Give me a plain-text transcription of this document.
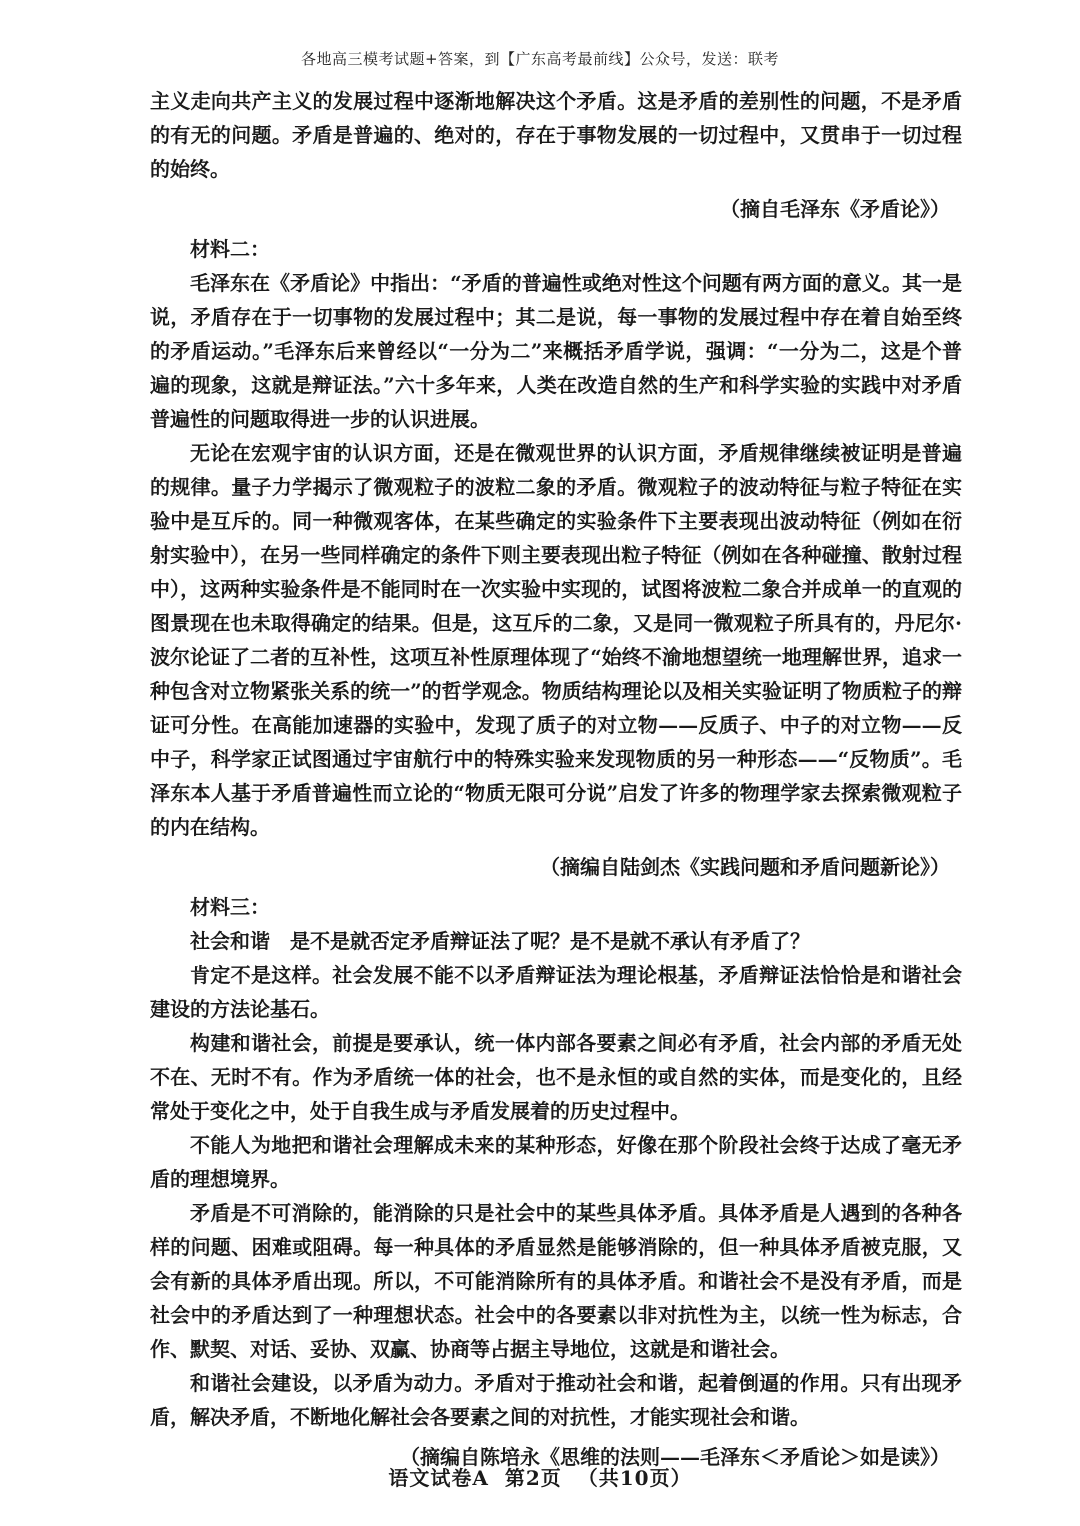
各地高三模考试题+答案，到【广东高考最前线】公众号，发送：联考

主义走向共产主义的发展过程中逐渐地解决这个矛盾。这是矛盾的差别性的问题，不是矛盾的有无的问题。矛盾是普遍的、绝对的，存在于事物发展的一切过程中，又贯串于一切过程的始终。

（摘自毛泽东《矛盾论》）

材料二：

毛泽东在《矛盾论》中指出：“矛盾的普遍性或绝对性这个问题有两方面的意义。其一是说，矛盾存在于一切事物的发展过程中；其二是说，每一事物的发展过程中存在着自始至终的矛盾运动。”毛泽东后来曾经以“一分为二”来概括矛盾学说，强调：“一分为二，这是个普遍的现象，这就是辩证法。”六十多年来，人类在改造自然的生产和科学实验的实践中对矛盾普遍性的问题取得进一步的认识进展。

无论在宏观宇宙的认识方面，还是在微观世界的认识方面，矛盾规律继续被证明是普遍的规律。量子力学揭示了微观粒子的波粒二象的矛盾。微观粒子的波动特征与粒子特征在实验中是互斥的。同一种微观客体，在某些确定的实验条件下主要表现出波动特征（例如在衍射实验中），在另一些同样确定的条件下则主要表现出粒子特征（例如在各种碰撞、散射过程中），这两种实验条件是不能同时在一次实验中实现的，试图将波粒二象合并成单一的直观的图景现在也未取得确定的结果。但是，这互斥的二象，又是同一微观粒子所具有的，丹尼尔·波尔论证了二者的互补性，这项互补性原理体现了“始终不渝地想望统一地理解世界，追求一种包含对立物紧张关系的统一”的哲学观念。物质结构理论以及相关实验证明了物质粒子的辩证可分性。在高能加速器的实验中，发现了质子的对立物——反质子、中子的对立物——反中子，科学家正试图通过宇宙航行中的特殊实验来发现物质的另一种形态——“反物质”。毛泽东本人基于矛盾普遍性而立论的“物质无限可分说”启发了许多的物理学家去探索微观粒子的内在结构。

（摘编自陆剑杰《实践问题和矛盾问题新论》）

材料三：

社会和谐　是不是就否定矛盾辩证法了呢？是不是就不承认有矛盾了？

肯定不是这样。社会发展不能不以矛盾辩证法为理论根基，矛盾辩证法恰恰是和谐社会建设的方法论基石。

构建和谐社会，前提是要承认，统一体内部各要素之间必有矛盾，社会内部的矛盾无处不在、无时不有。作为矛盾统一体的社会，也不是永恒的或自然的实体，而是变化的，且经常处于变化之中，处于自我生成与矛盾发展着的历史过程中。

不能人为地把和谐社会理解成未来的某种形态，好像在那个阶段社会终于达成了毫无矛盾的理想境界。

矛盾是不可消除的，能消除的只是社会中的某些具体矛盾。具体矛盾是人遇到的各种各样的问题、困难或阻碍。每一种具体的矛盾显然是能够消除的，但一种具体矛盾被克服，又会有新的具体矛盾出现。所以，不可能消除所有的具体矛盾。和谐社会不是没有矛盾，而是社会中的矛盾达到了一种理想状态。社会中的各要素以非对抗性为主，以统一性为标志，合作、默契、对话、妥协、双赢、协商等占据主导地位，这就是和谐社会。

和谐社会建设，以矛盾为动力。矛盾对于推动社会和谐，起着倒逼的作用。只有出现矛盾，解决矛盾，不断地化解社会各要素之间的对抗性，才能实现社会和谐。

（摘编自陈培永《思维的法则——毛泽东＜矛盾论＞如是读》）

语文试卷A 第2页 （共10页）
